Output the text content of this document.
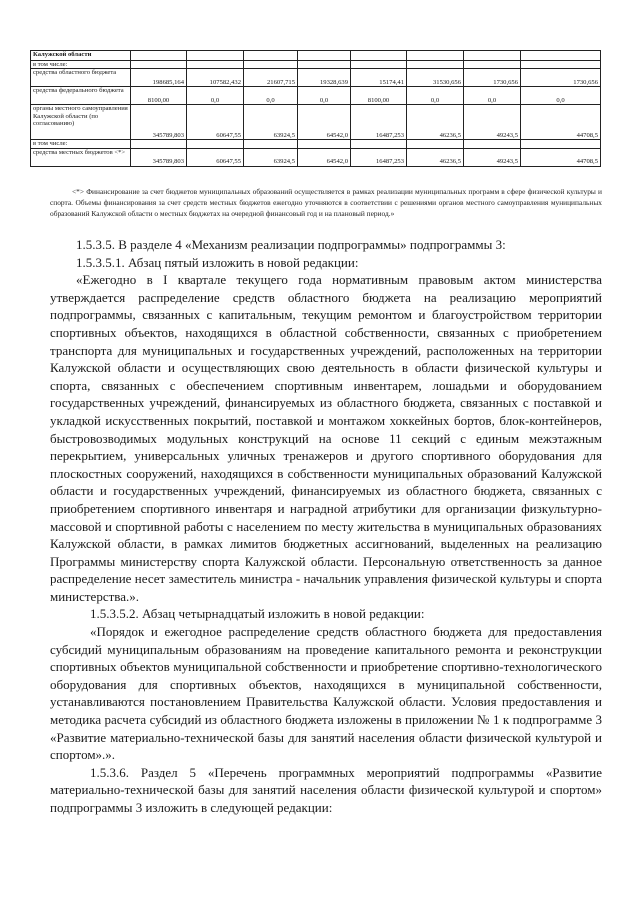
Калужской области								
в том числе:								
средства областного бюджета	198685,164	107582,432	21607,715	19328,639	15174,41	31530,656	1730,656	1730,656
средства федерального бюджета	8100,00	0,0	0,0	0,0	8100,00	0,0	0,0	0,0
органы местного самоуправления Калужской области (по согласованию)	345789,803	60647,55	63924,5	64542,0	16487,253	46236,5	49243,5	44708,5
в том числе:								
средства местных бюджетов <*>	345789,803	60647,55	63924,5	64542,0	16487,253	46236,5	49243,5	44708,5

<*> Финансирование за счет бюджетов муниципальных образований осуществляется в рамках реализации муниципальных программ в сфере физической культуры и спорта. Объемы финансирования за счет средств местных бюджетов ежегодно уточняются в соответствии с решениями органов местного самоуправления муниципальных образований Калужской области о местных бюджетах на очередной финансовый год и на плановый период.»

1.5.3.5. В разделе 4 «Механизм реализации подпрограммы» подпрограммы 3:

1.5.3.5.1. Абзац пятый изложить в новой редакции:

«Ежегодно в I квартале текущего года нормативным правовым актом министерства утверждается распределение средств областного бюджета на реализацию мероприятий подпрограммы, связанных с капитальным, текущим ремонтом и благоустройством территории спортивных объектов, находящихся в областной собственности, связанных с приобретением транспорта для муниципальных и государственных учреждений, расположенных на территории Калужской области и осуществляющих свою деятельность в области физической культуры и спорта, связанных с обеспечением спортивным инвентарем, лошадьми и оборудованием государственных учреждений, финансируемых из областного бюджета, связанных с поставкой и укладкой искусственных покрытий, поставкой и монтажом хоккейных бортов, блок-контейнеров, быстровозводимых модульных конструкций на основе 11 секций с единым межэтажным перекрытием, универсальных уличных тренажеров и другого спортивного оборудования для плоскостных сооружений, находящихся в собственности муниципальных образований Калужской области и государственных учреждений, финансируемых из областного бюджета, связанных с приобретением спортивного инвентаря и наградной атрибутики для организации физкультурно-массовой и спортивной работы с населением по месту жительства в муниципальных образованиях Калужской области, в рамках лимитов бюджетных ассигнований, выделенных на реализацию Программы министерству спорта Калужской области. Персональную ответственность за данное распределение несет заместитель министра - начальник управления физической культуры и спорта министерства.».

1.5.3.5.2. Абзац четырнадцатый изложить в новой редакции:

«Порядок и ежегодное распределение средств областного бюджета для предоставления субсидий муниципальным образованиям на проведение капитального ремонта и реконструкции спортивных объектов муниципальной собственности и приобретение спортивно-технологического оборудования для спортивных объектов, находящихся в муниципальной собственности, устанавливаются постановлением Правительства Калужской области. Условия предоставления и методика расчета субсидий из областного бюджета изложены в приложении № 1 к подпрограмме 3 «Развитие материально-технической базы для занятий населения области физической культурой и спортом».».

1.5.3.6. Раздел 5 «Перечень программных мероприятий подпрограммы «Развитие материально-технической базы для занятий населения области физической культурой и спортом» подпрограммы 3 изложить в следующей редакции:
